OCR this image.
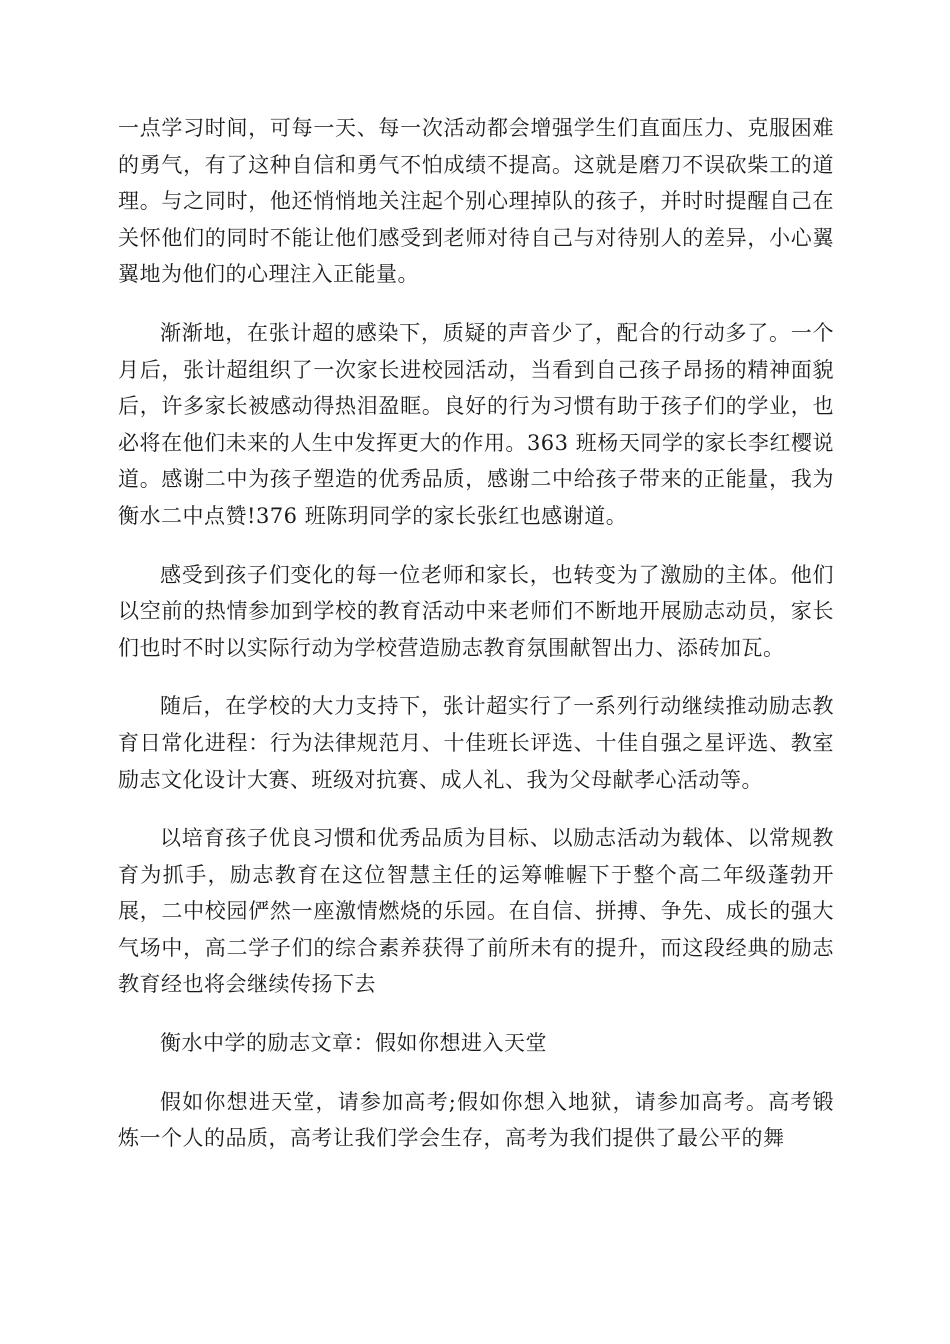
一点学习时间，可每一天、每一次活动都会增强学生们直面压力、克服困难的勇气，有了这种自信和勇气不怕成绩不提高。这就是磨刀不误砍柴工的道理。与之同时，他还悄悄地关注起个别心理掉队的孩子，并时时提醒自己在关怀他们的同时不能让他们感受到老师对待自己与对待别人的差异，小心翼翼地为他们的心理注入正能量。

渐渐地，在张计超的感染下，质疑的声音少了，配合的行动多了。一个月后，张计超组织了一次家长进校园活动，当看到自己孩子昂扬的精神面貌后，许多家长被感动得热泪盈眶。良好的行为习惯有助于孩子们的学业，也必将在他们未来的人生中发挥更大的作用。363 班杨天同学的家长李红樱说道。感谢二中为孩子塑造的优秀品质，感谢二中给孩子带来的正能量，我为衡水二中点赞!376 班陈玥同学的家长张红也感谢道。

感受到孩子们变化的每一位老师和家长，也转变为了激励的主体。他们以空前的热情参加到学校的教育活动中来老师们不断地开展励志动员，家长们也时不时以实际行动为学校营造励志教育氛围献智出力、添砖加瓦。

随后，在学校的大力支持下，张计超实行了一系列行动继续推动励志教育日常化进程：行为法律规范月、十佳班长评选、十佳自强之星评选、教室励志文化设计大赛、班级对抗赛、成人礼、我为父母献孝心活动等。

以培育孩子优良习惯和优秀品质为目标、以励志活动为载体、以常规教育为抓手，励志教育在这位智慧主任的运筹帷幄下于整个高二年级蓬勃开展，二中校园俨然一座激情燃烧的乐园。在自信、拼搏、争先、成长的强大气场中，高二学子们的综合素养获得了前所未有的提升，而这段经典的励志教育经也将会继续传扬下去

衡水中学的励志文章：假如你想进入天堂

假如你想进天堂，请参加高考;假如你想入地狱，请参加高考。高考锻炼一个人的品质，高考让我们学会生存，高考为我们提供了最公平的舞
